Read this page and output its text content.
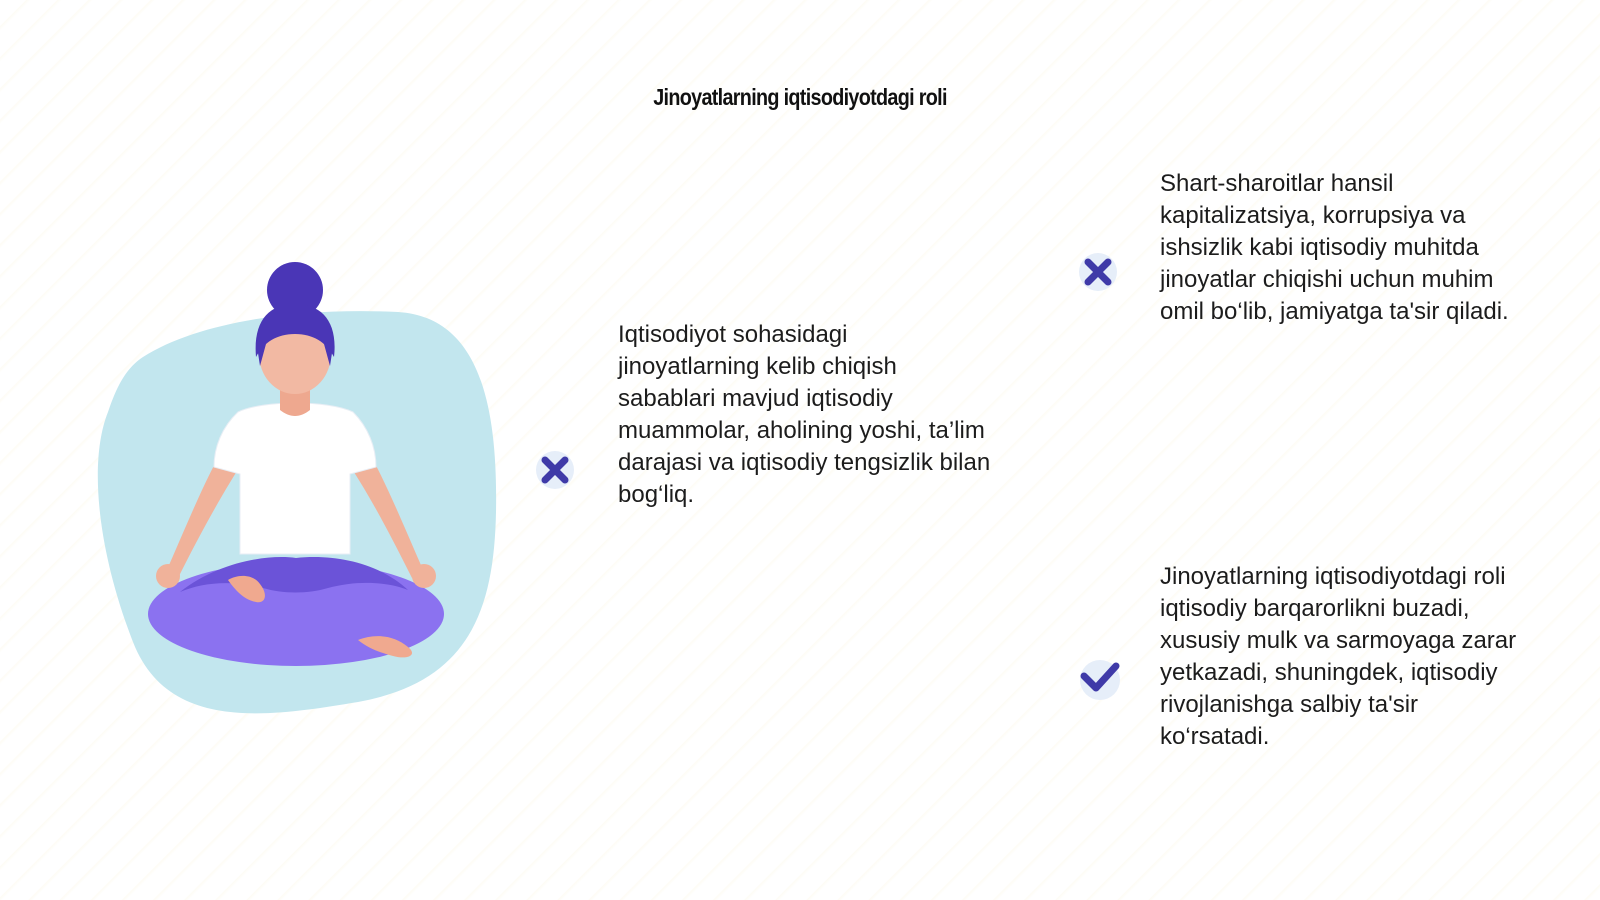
Jinoyatlarning iqtisodiyotdagi roli
Iqtisodiyot sohasidagi
jinoyatlarning kelib chiqish
sabablari mavjud iqtisodiy
muammolar, aholining yoshi, ta’lim
darajasi va iqtisodiy tengsizlik bilan
bog‘liq.
Shart-sharoitlar hansil
kapitalizatsiya, korrupsiya va
ishsizlik kabi iqtisodiy muhitda
jinoyatlar chiqishi uchun muhim
omil bo‘lib, jamiyatga ta'sir qiladi.
Jinoyatlarning iqtisodiyotdagi roli
iqtisodiy barqarorlikni buzadi,
xususiy mulk va sarmoyaga zarar
yetkazadi, shuningdek, iqtisodiy
rivojlanishga salbiy ta'sir
ko‘rsatadi.
